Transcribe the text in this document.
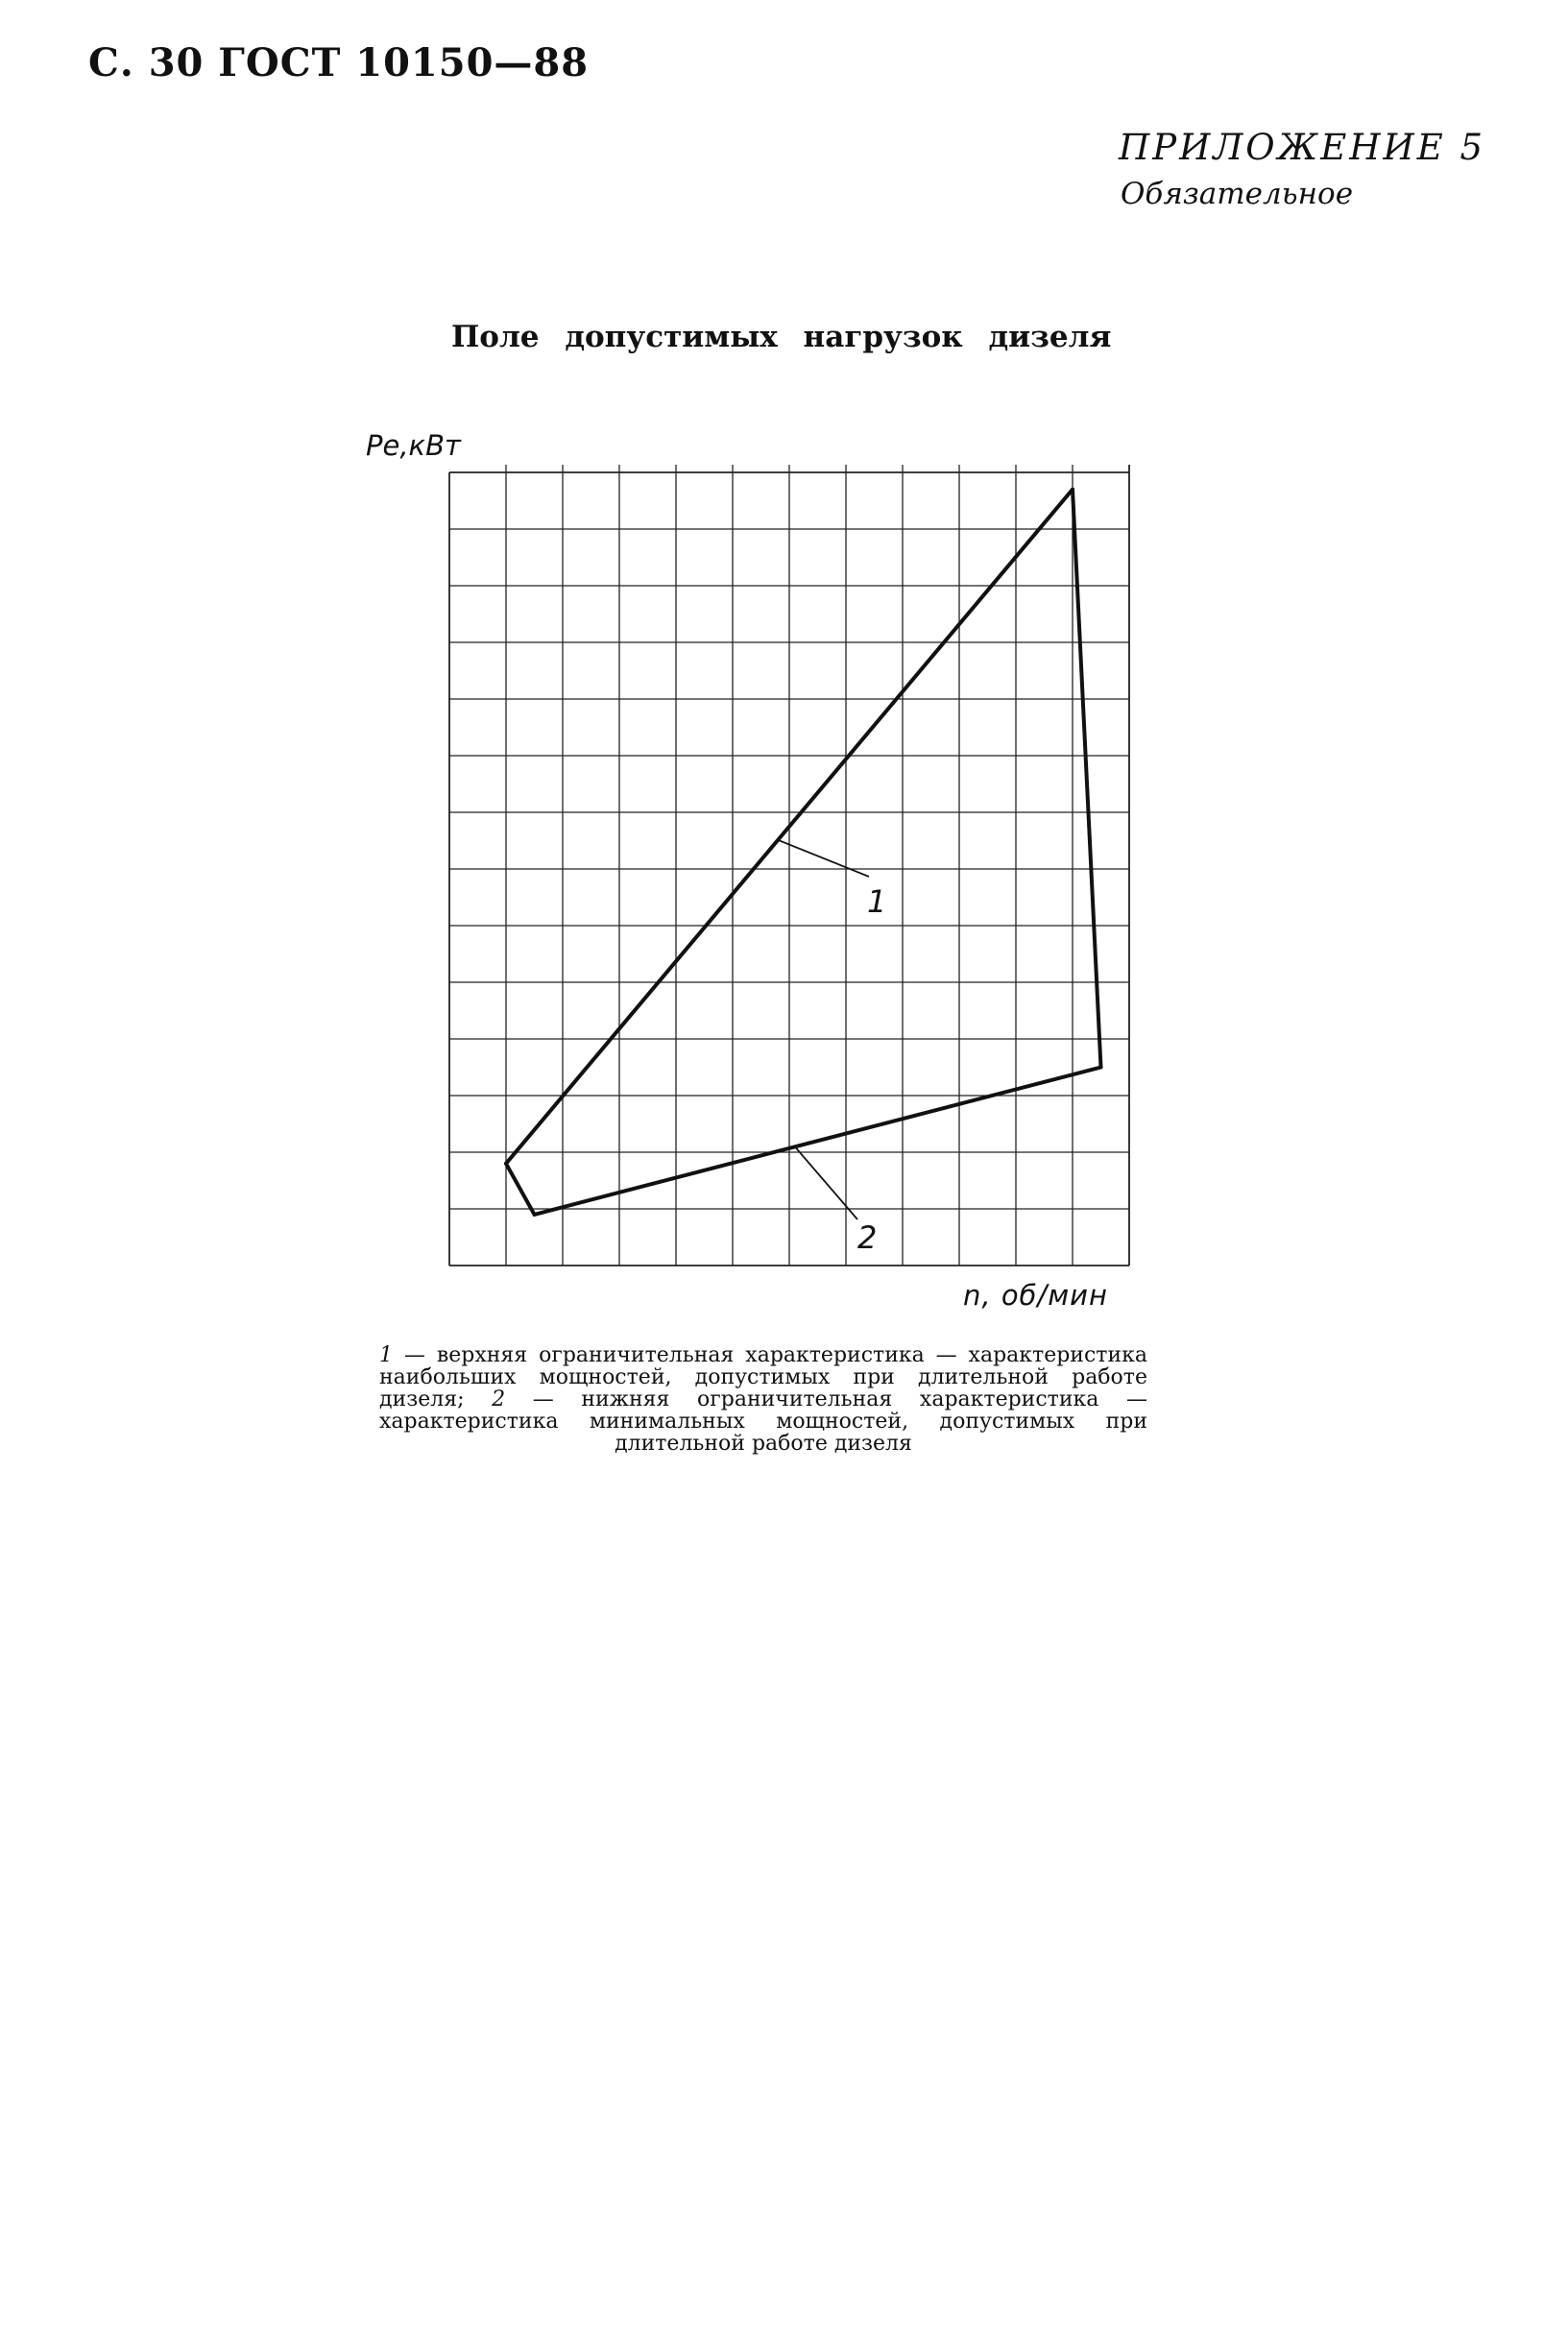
С. 30 ГОСТ 10150—88
ПРИЛОЖЕНИЕ 5
Обязательное
Поле допустимых нагрузок дизеля
Pe,кВт
1
2
n, об/мин
1 — верхняя ограничительная характеристика — характеристика наибольших мощностей, допустимых при длительной работе дизеля; 2 — нижняя ограничительная характеристика — характеристика минимальных мощностей, допустимых при длительной работе дизеля
